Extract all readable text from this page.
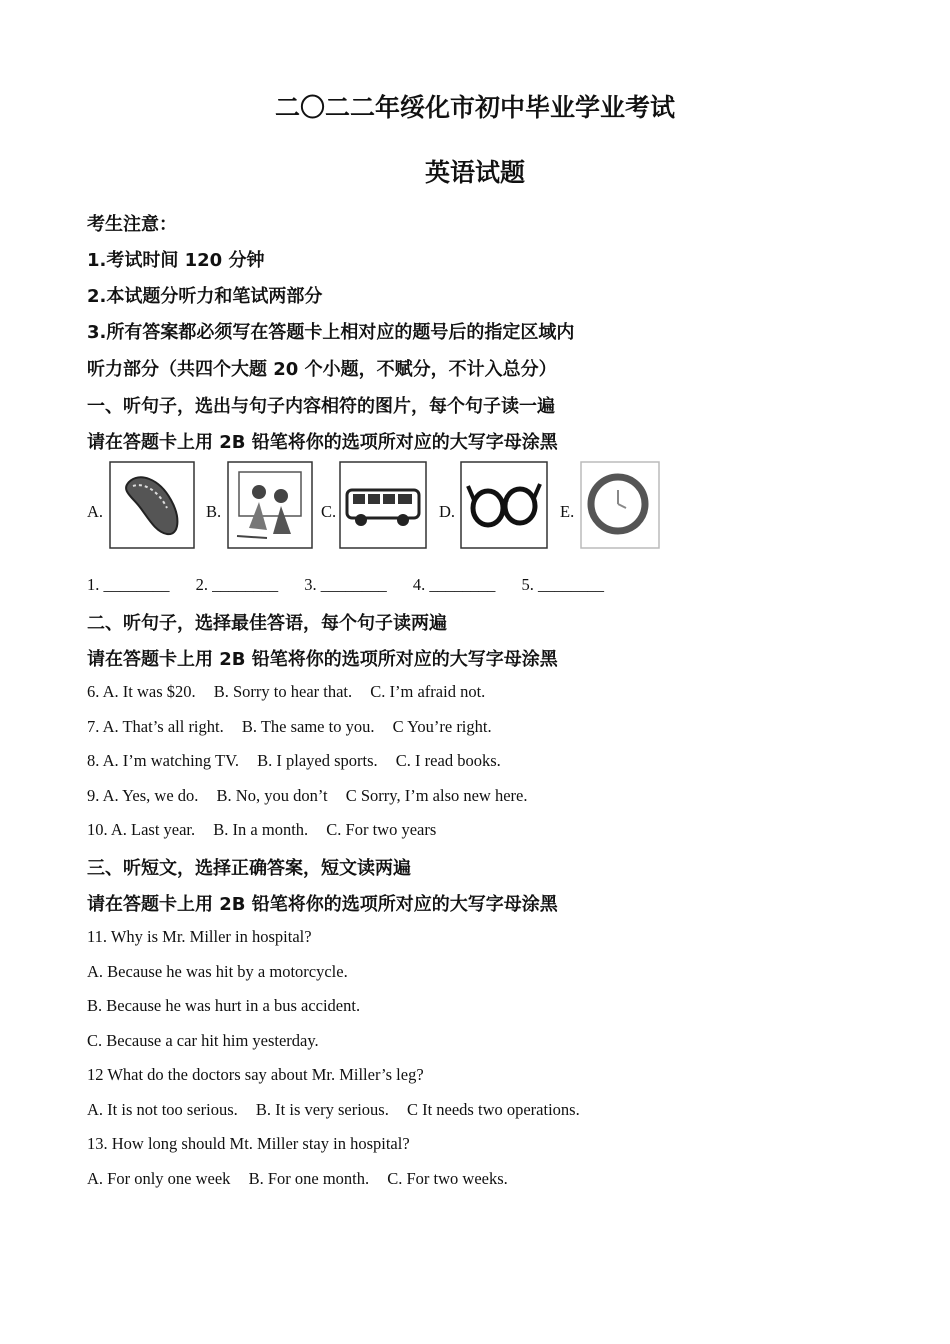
二〇二二年绥化市初中毕业学业考试
英语试题
考生注意：
1.考试时间 120 分钟
2.本试题分听力和笔试两部分
3.所有答案都必须写在答题卡上相对应的题号后的指定区域内
听力部分（共四个大题 20 个小题，不赋分，不计入总分）
一、听句子，选出与句子内容相符的图片，每个句子读一遍
请在答题卡上用 2B 铅笔将你的选项所对应的大写字母涂黑
A.	B.	C.	D.	E.
1. ________ 2. ________ 3. ________ 4. ________ 5. ________
二、听句子，选择最佳答语，每个句子读两遍
请在答题卡上用 2B 铅笔将你的选项所对应的大写字母涂黑
6. A. It was $20. B. Sorry to hear that. C. I’m afraid not.
7. A. That’s all right. B. The same to you. C You’re right.
8. A. I’m watching TV. B. I played sports. C. I read books.
9. A. Yes, we do. B. No, you don’t C Sorry, I’m also new here.
10. A. Last year. B. In a month. C. For two years
三、听短文，选择正确答案，短文读两遍
请在答题卡上用 2B 铅笔将你的选项所对应的大写字母涂黑
11. Why is Mr. Miller in hospital?
A. Because he was hit by a motorcycle.
B. Because he was hurt in a bus accident.
C. Because a car hit him yesterday.
12 What do the doctors say about Mr. Miller’s leg?
A. It is not too serious. B. It is very serious. C It needs two operations.
13. How long should Mt. Miller stay in hospital?
A. For only one week B. For one month. C. For two weeks.
